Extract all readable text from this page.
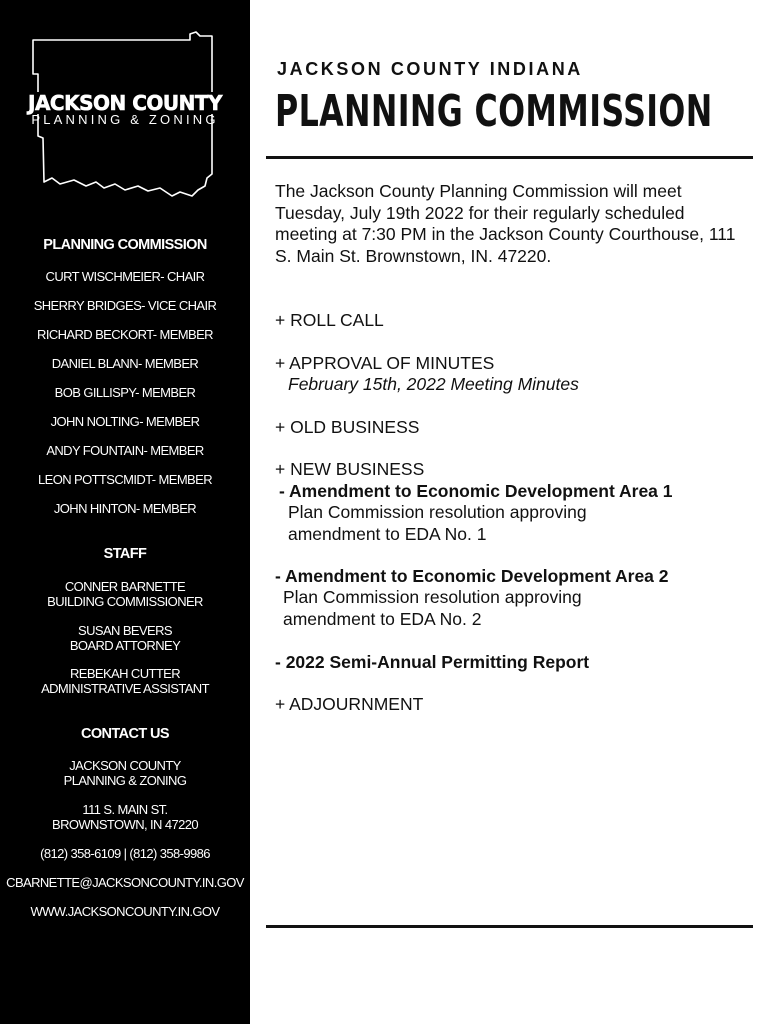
JACKSON COUNTY
PLANNING & ZONING
PLANNING COMMISSION
CURT WISCHMEIER- CHAIR
SHERRY BRIDGES- VICE CHAIR
RICHARD BECKORT- MEMBER
DANIEL BLANN- MEMBER
BOB GILLISPY- MEMBER
JOHN NOLTING- MEMBER
ANDY FOUNTAIN- MEMBER
LEON POTTSCMIDT- MEMBER
JOHN HINTON- MEMBER
STAFF
CONNER BARNETTE
BUILDING COMMISSIONER
SUSAN BEVERS
BOARD ATTORNEY
REBEKAH CUTTER
ADMINISTRATIVE ASSISTANT
CONTACT US
JACKSON COUNTY
PLANNING & ZONING
111 S. MAIN ST.
BROWNSTOWN, IN 47220
(812) 358-6109 | (812) 358-9986
CBARNETTE@JACKSONCOUNTY.IN.GOV
WWW.JACKSONCOUNTY.IN.GOV
JACKSON COUNTY INDIANA
PLANNING COMMISSION
The Jackson County Planning Commission will meet Tuesday, July 19th 2022 for their regularly scheduled meeting at 7:30 PM in the Jackson County Courthouse, 111 S. Main St. Brownstown, IN. 47220.
+ ROLL CALL
+ APPROVAL OF MINUTES
February 15th, 2022 Meeting Minutes
+ OLD BUSINESS
+ NEW BUSINESS
- Amendment to Economic Development Area 1
Plan Commission resolution approving
amendment to EDA No. 1
- Amendment to Economic Development Area 2
Plan Commission resolution approving
amendment to EDA No. 2
- 2022 Semi-Annual Permitting Report
+ ADJOURNMENT
